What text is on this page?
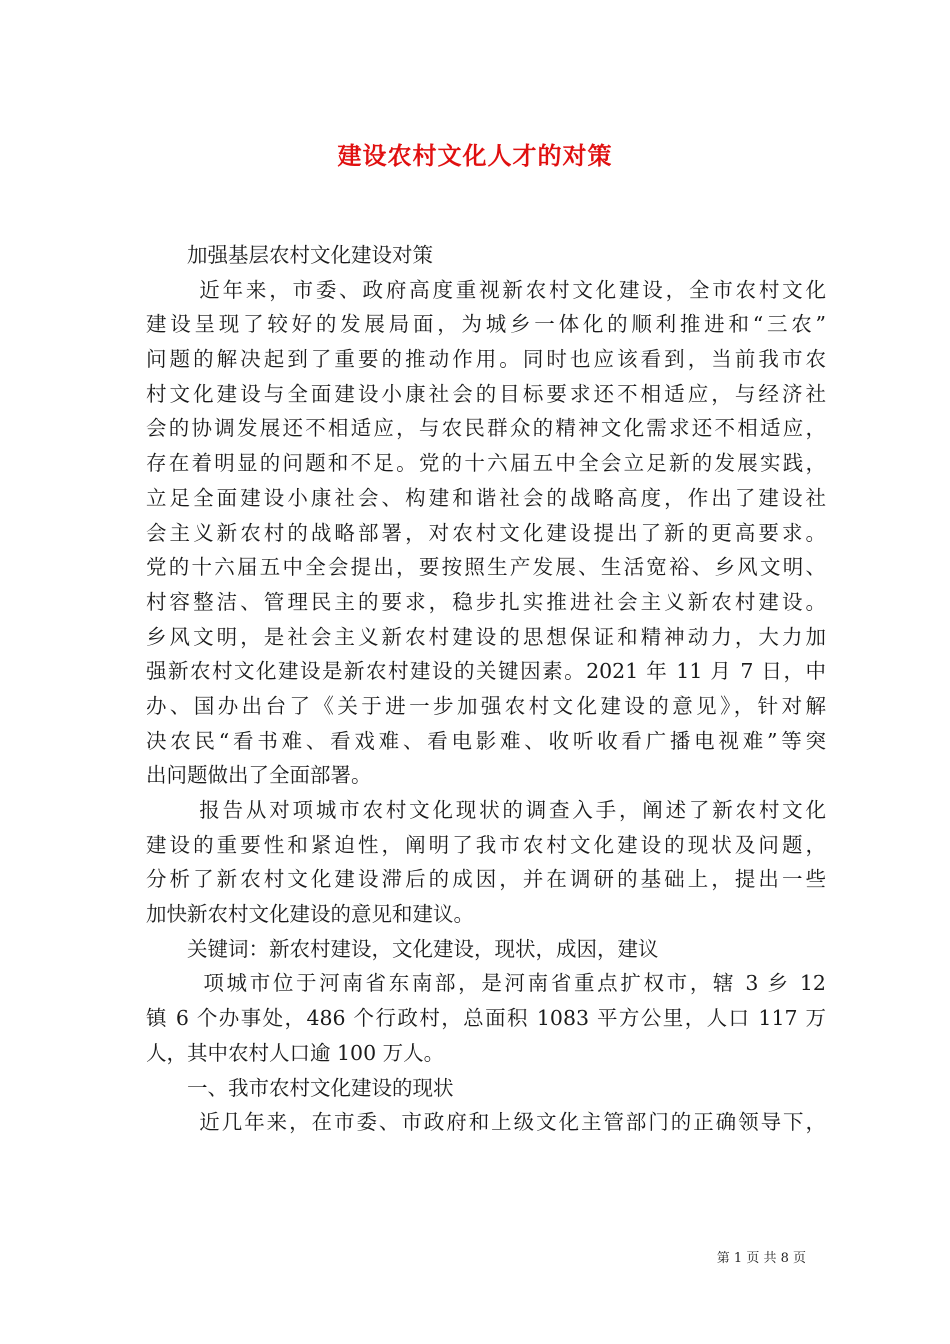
建设农村文化人才的对策
加强基层农村文化建设对策
近年来，市委、政府高度重视新农村文化建设，全市农村文化
建设呈现了较好的发展局面，为城乡一体化的顺利推进和“三农”
问题的解决起到了重要的推动作用。同时也应该看到，当前我市农
村文化建设与全面建设小康社会的目标要求还不相适应，与经济社
会的协调发展还不相适应，与农民群众的精神文化需求还不相适应，
存在着明显的问题和不足。党的十六届五中全会立足新的发展实践，
立足全面建设小康社会、构建和谐社会的战略高度，作出了建设社
会主义新农村的战略部署，对农村文化建设提出了新的更高要求。
党的十六届五中全会提出，要按照生产发展、生活宽裕、乡风文明、
村容整洁、管理民主的要求，稳步扎实推进社会主义新农村建设。
乡风文明，是社会主义新农村建设的思想保证和精神动力，大力加
强新农村文化建设是新农村建设的关键因素。2021 年 11 月 7 日，中
办、国办出台了《关于进一步加强农村文化建设的意见》，针对解
决农民“看书难、看戏难、看电影难、收听收看广播电视难”等突
出问题做出了全面部署。
报告从对项城市农村文化现状的调查入手，阐述了新农村文化
建设的重要性和紧迫性，阐明了我市农村文化建设的现状及问题，
分析了新农村文化建设滞后的成因，并在调研的基础上，提出一些
加快新农村文化建设的意见和建议。
关键词：新农村建设，文化建设，现状，成因，建议
项城市位于河南省东南部，是河南省重点扩权市，辖 3 乡 12
镇 6 个办事处，486 个行政村，总面积 1083 平方公里，人口 117 万
人，其中农村人口逾 100 万人。
一、我市农村文化建设的现状
近几年来，在市委、市政府和上级文化主管部门的正确领导下，
第 1 页 共 8 页
